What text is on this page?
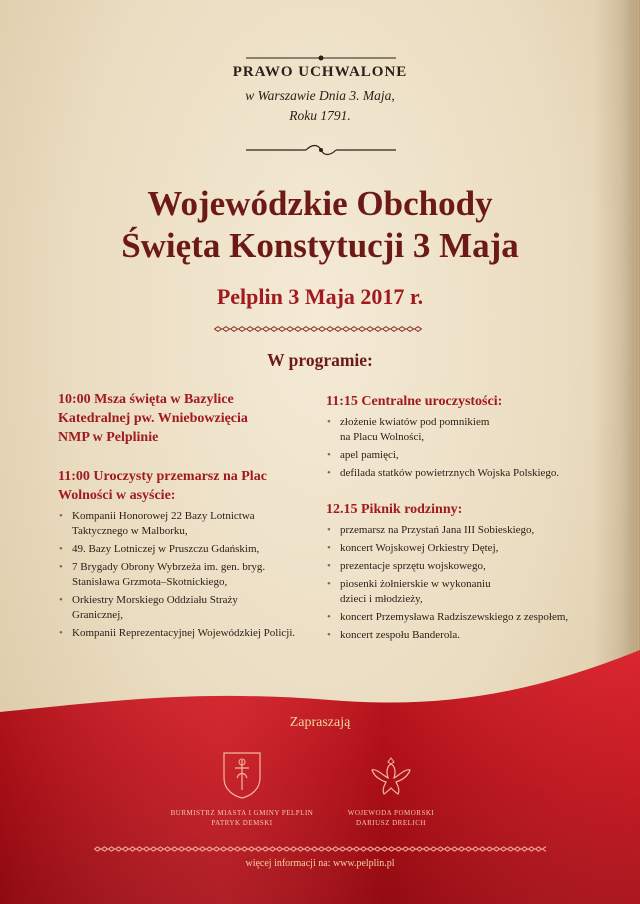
PRAWO UCHWALONE
w Warszawie Dnia 3. Maja,
Roku 1791.
Wojewódzkie Obchody
Święta Konstytucji 3 Maja
Pelplin 3 Maja 2017 r.
W programie:

10:00 Msza święta w Bazylice

Katedralnej pw. Wniebowzięcia

NMP w Pelplinie

11:00 Uroczysty przemarsz na Plac

Wolności w asyście:

• Kompanii Honorowej 22 Bazy Lotnictwa
Taktycznego w Malborku,
• 49. Bazy Lotniczej w Pruszczu Gdańskim,
• 7 Brygady Obrony Wybrzeża im. gen. bryg.
Stanisława Grzmota–Skotnickiego,
• Orkiestry Morskiego Oddziału Straży
Granicznej,
• Kompanii Reprezentacyjnej Wojewódzkiej Policji.

11:15 Centralne uroczystości:

• złożenie kwiatów pod pomnikiem
na Placu Wolności,
• apel pamięci,
• defilada statków powietrznych Wojska Polskiego.

12.15 Piknik rodzinny:

• przemarsz na Przystań Jana III Sobieskiego,
• koncert Wojskowej Orkiestry Dętej,
• prezentacje sprzętu wojskowego,
• piosenki żołnierskie w wykonaniu
dzieci i młodzieży,
• koncert Przemysława Radziszewskiego z zespołem,
• koncert zespołu Banderola.
Zapraszają
BURMISTRZ MIASTA I GMINY PELPLIN
PATRYK DEMSKI
WOJEWODA POMORSKI
DARIUSZ DRELICH
więcej informacji na: www.pelplin.pl
